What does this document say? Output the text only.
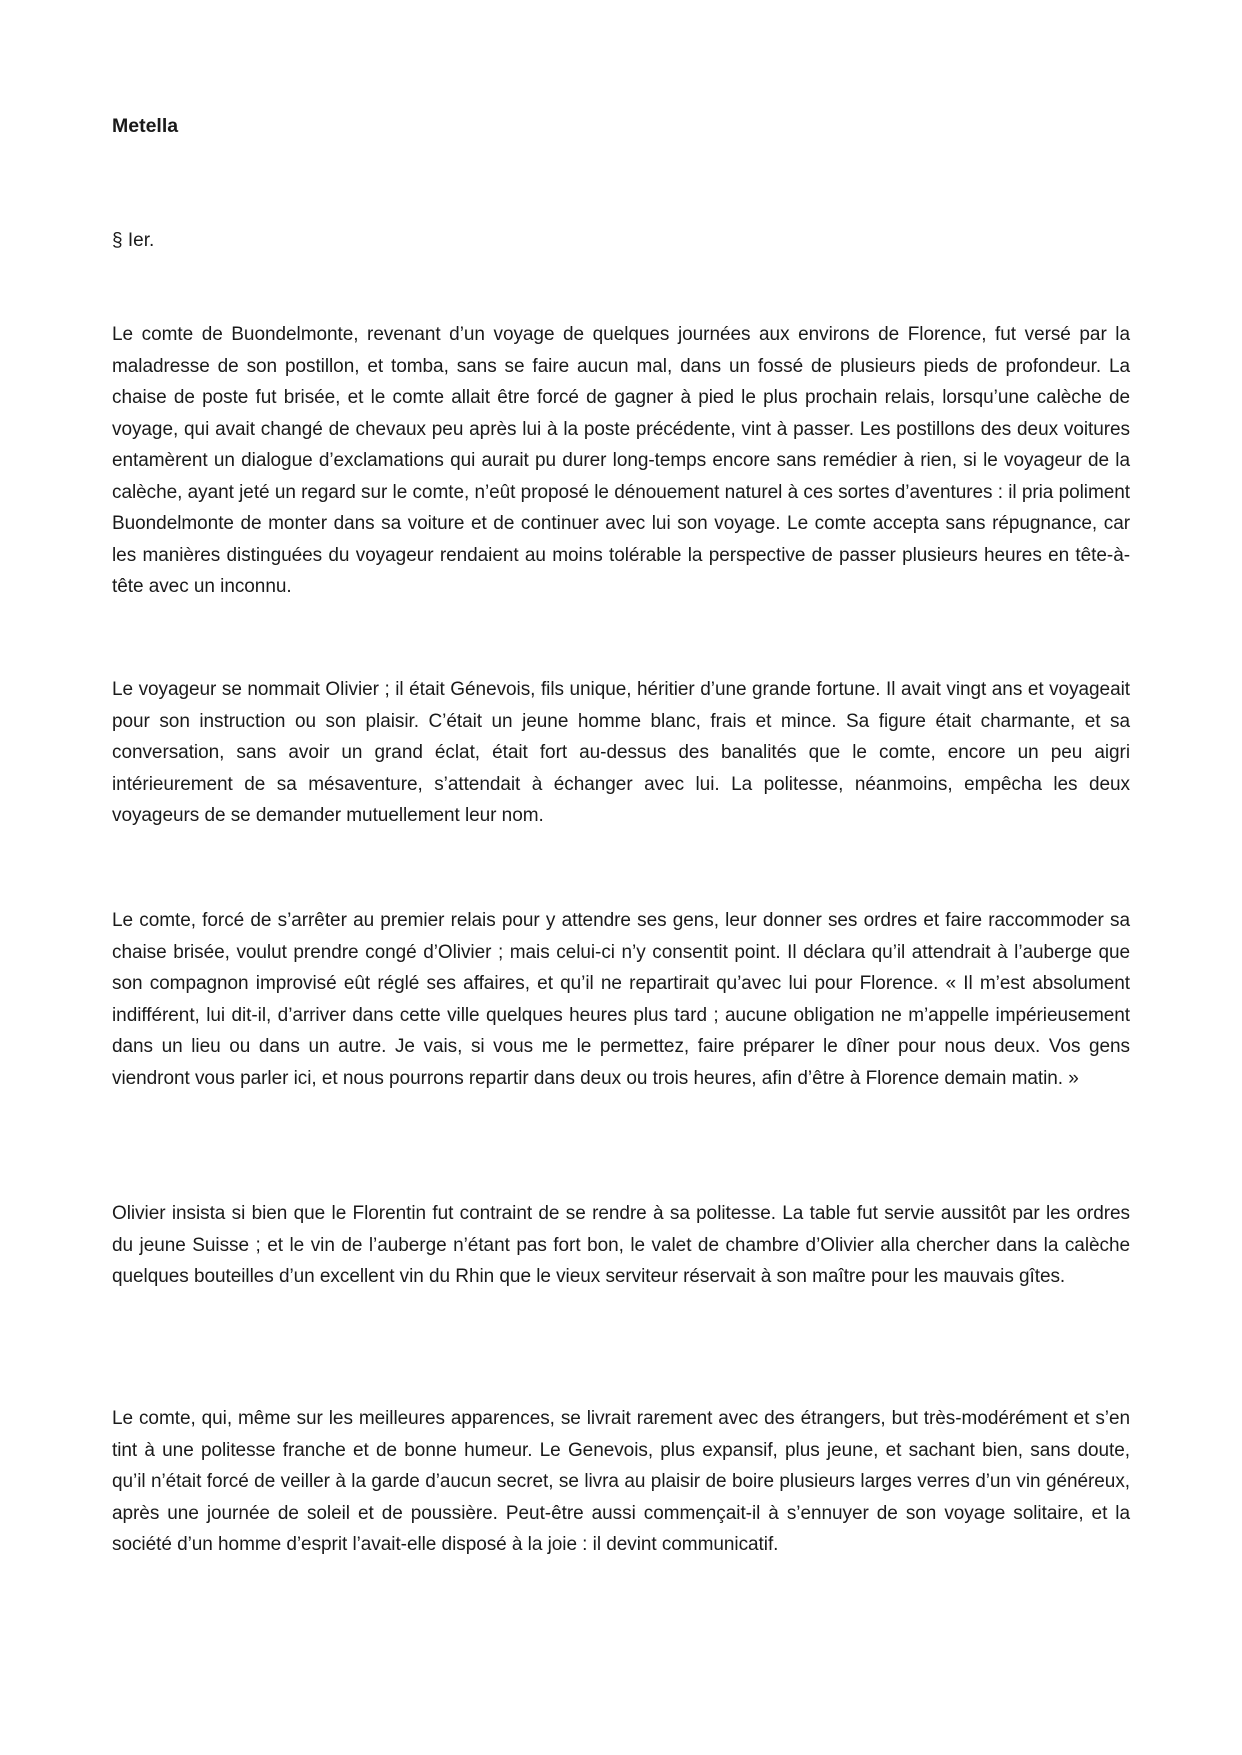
Metella

§ Ier.

Le comte de Buondelmonte, revenant d’un voyage de quelques journées aux environs de Florence, fut versé par la maladresse de son postillon, et tomba, sans se faire aucun mal, dans un fossé de plusieurs pieds de profondeur. La chaise de poste fut brisée, et le comte allait être forcé de gagner à pied le plus prochain relais, lorsqu’une calèche de voyage, qui avait changé de chevaux peu après lui à la poste précédente, vint à passer. Les postillons des deux voitures entamèrent un dialogue d’exclamations qui aurait pu durer long-temps encore sans remédier à rien, si le voyageur de la calèche, ayant jeté un regard sur le comte, n’eût proposé le dénouement naturel à ces sortes d’aventures : il pria poliment Buondelmonte de monter dans sa voiture et de continuer avec lui son voyage. Le comte accepta sans répugnance, car les manières distinguées du voyageur rendaient au moins tolérable la perspective de passer plusieurs heures en tête-à-tête avec un inconnu.

Le voyageur se nommait Olivier ; il était Génevois, fils unique, héritier d’une grande fortune. Il avait vingt ans et voyageait pour son instruction ou son plaisir. C’était un jeune homme blanc, frais et mince. Sa figure était charmante, et sa conversation, sans avoir un grand éclat, était fort au-dessus des banalités que le comte, encore un peu aigri intérieurement de sa mésaventure, s’attendait à échanger avec lui. La politesse, néanmoins, empêcha les deux voyageurs de se demander mutuellement leur nom.

Le comte, forcé de s’arrêter au premier relais pour y attendre ses gens, leur donner ses ordres et faire raccommoder sa chaise brisée, voulut prendre congé d’Olivier ; mais celui-ci n’y consentit point. Il déclara qu’il attendrait à l’auberge que son compagnon improvisé eût réglé ses affaires, et qu’il ne repartirait qu’avec lui pour Florence. « Il m’est absolument indifférent, lui dit-il, d’arriver dans cette ville quelques heures plus tard ; aucune obligation ne m’appelle impérieusement dans un lieu ou dans un autre. Je vais, si vous me le permettez, faire préparer le dîner pour nous deux. Vos gens viendront vous parler ici, et nous pourrons repartir dans deux ou trois heures, afin d’être à Florence demain matin. »

Olivier insista si bien que le Florentin fut contraint de se rendre à sa politesse. La table fut servie aussitôt par les ordres du jeune Suisse ; et le vin de l’auberge n’étant pas fort bon, le valet de chambre d’Olivier alla chercher dans la calèche quelques bouteilles d’un excellent vin du Rhin que le vieux serviteur réservait à son maître pour les mauvais gîtes.

Le comte, qui, même sur les meilleures apparences, se livrait rarement avec des étrangers, but très-modérément et s’en tint à une politesse franche et de bonne humeur. Le Genevois, plus expansif, plus jeune, et sachant bien, sans doute, qu’il n’était forcé de veiller à la garde d’aucun secret, se livra au plaisir de boire plusieurs larges verres d’un vin généreux, après une journée de soleil et de poussière. Peut-être aussi commençait-il à s’ennuyer de son voyage solitaire, et la société d’un homme d’esprit l’avait-elle disposé à la joie : il devint communicatif.
